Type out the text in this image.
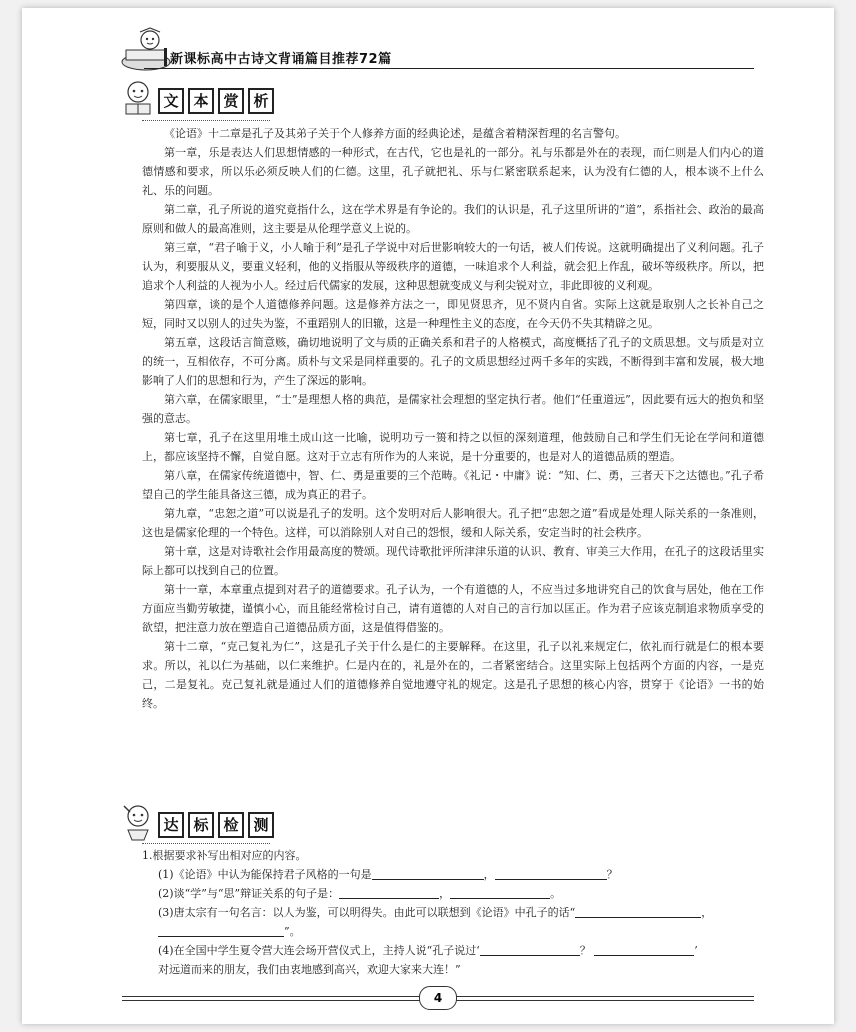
新课标高中古诗文背诵篇目推荐72篇
文 本 赏 析

《论语》十二章是孔子及其弟子关于个人修养方面的经典论述，是蕴含着精深哲理的名言警句。

第一章，乐是表达人们思想情感的一种形式，在古代，它也是礼的一部分。礼与乐都是外在的表现，而仁则是人们内心的道德情感和要求，所以乐必须反映人们的仁德。这里，孔子就把礼、乐与仁紧密联系起来，认为没有仁德的人，根本谈不上什么礼、乐的问题。

第二章，孔子所说的道究竟指什么，这在学术界是有争论的。我们的认识是，孔子这里所讲的“道”，系指社会、政治的最高原则和做人的最高准则，这主要是从伦理学意义上说的。

第三章，“君子喻于义，小人喻于利”是孔子学说中对后世影响较大的一句话，被人们传说。这就明确提出了义利问题。孔子认为，利要服从义，要重义轻利，他的义指服从等级秩序的道德，一味追求个人利益，就会犯上作乱，破坏等级秩序。所以，把追求个人利益的人视为小人。经过后代儒家的发展，这种思想就变成义与利尖锐对立，非此即彼的义利观。

第四章，谈的是个人道德修养问题。这是修养方法之一，即见贤思齐，见不贤内自省。实际上这就是取别人之长补自己之短，同时又以别人的过失为鉴，不重蹈别人的旧辙，这是一种理性主义的态度，在今天仍不失其精辟之见。

第五章，这段话言简意赅，确切地说明了文与质的正确关系和君子的人格模式，高度概括了孔子的文质思想。文与质是对立的统一，互相依存，不可分离。质朴与文采是同样重要的。孔子的文质思想经过两千多年的实践，不断得到丰富和发展，极大地影响了人们的思想和行为，产生了深远的影响。

第六章，在儒家眼里，“士”是理想人格的典范，是儒家社会理想的坚定执行者。他们“任重道远”，因此要有远大的抱负和坚强的意志。

第七章，孔子在这里用堆土成山这一比喻，说明功亏一篑和持之以恒的深刻道理，他鼓励自己和学生们无论在学问和道德上，都应该坚持不懈，自觉自愿。这对于立志有所作为的人来说，是十分重要的，也是对人的道德品质的塑造。

第八章，在儒家传统道德中，智、仁、勇是重要的三个范畴。《礼记・中庸》说：“知、仁、勇，三者天下之达德也。”孔子希望自己的学生能具备这三德，成为真正的君子。

第九章，“忠恕之道”可以说是孔子的发明。这个发明对后人影响很大。孔子把“忠恕之道”看成是处理人际关系的一条准则，这也是儒家伦理的一个特色。这样，可以消除别人对自己的怨恨，缓和人际关系，安定当时的社会秩序。

第十章，这是对诗歌社会作用最高度的赞颂。现代诗歌批评所津津乐道的认识、教育、审美三大作用，在孔子的这段话里实际上都可以找到自己的位置。

第十一章，本章重点提到对君子的道德要求。孔子认为，一个有道德的人，不应当过多地讲究自己的饮食与居处，他在工作方面应当勤劳敏捷，谨慎小心，而且能经常检讨自己，请有道德的人对自己的言行加以匡正。作为君子应该克制追求物质享受的欲望，把注意力放在塑造自己道德品质方面，这是值得借鉴的。

第十二章，“克己复礼为仁”，这是孔子关于什么是仁的主要解释。在这里，孔子以礼来规定仁，依礼而行就是仁的根本要求。所以，礼以仁为基础，以仁来维护。仁是内在的，礼是外在的，二者紧密结合。这里实际上包括两个方面的内容，一是克己，二是复礼。克己复礼就是通过人们的道德修养自觉地遵守礼的规定。这是孔子思想的核心内容，贯穿于《论语》一书的始终。

达 标 检 测

1.根据要求补写出相对应的内容。

(1)《论语》中认为能保持君子风格的一句是	，	？

(2)谈“学”与“思”辩证关系的句子是：	，	。

(3)唐太宗有一句名言：以人为鉴，可以明得失。由此可以联想到《论语》中孔子的话“	，
”。

(4)在全国中学生夏令营大连会场开营仪式上，主持人说“孔子说过‘	？	’
对远道而来的朋友，我们由衷地感到高兴，欢迎大家来大连！”

4
